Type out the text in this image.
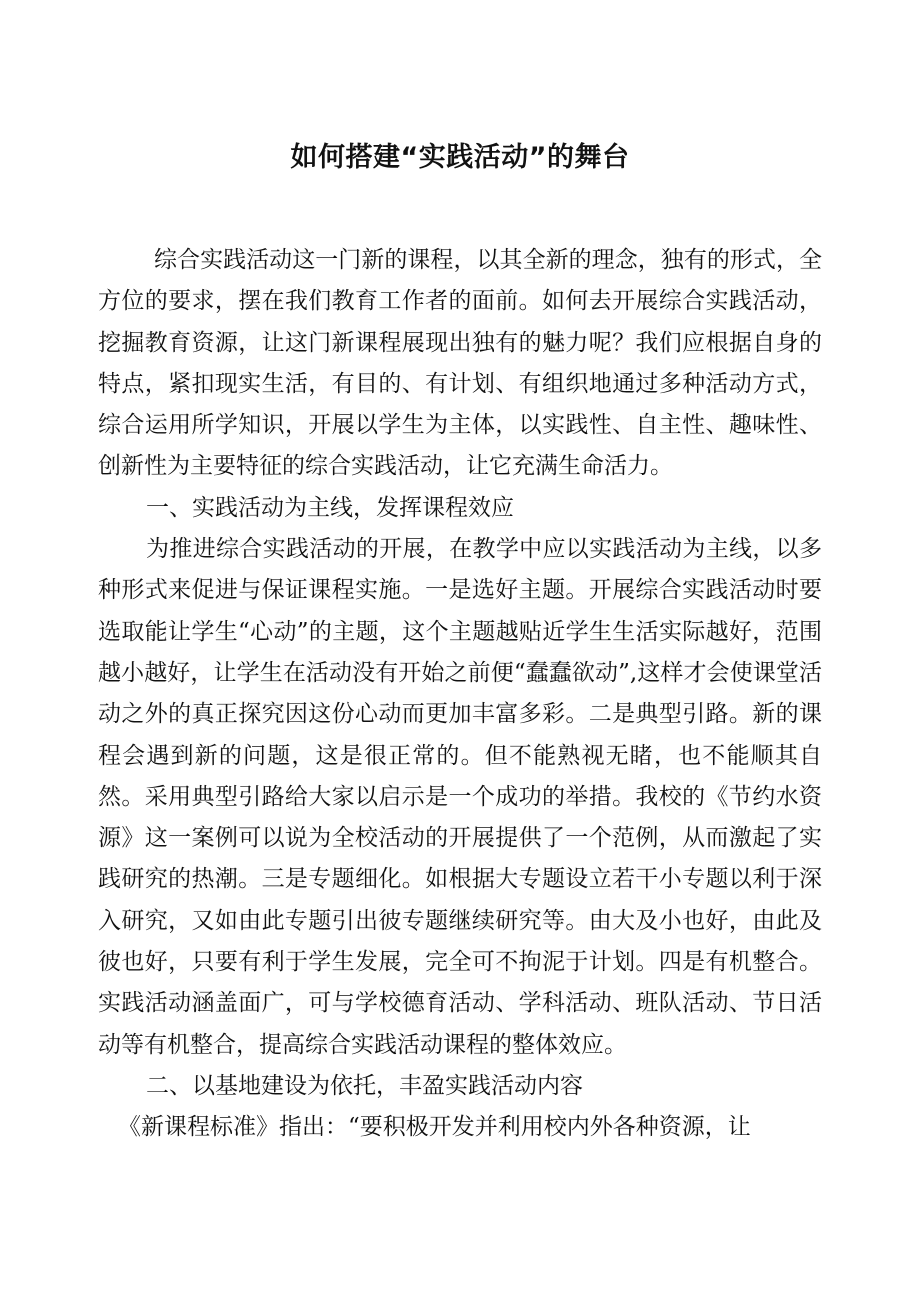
如何搭建“实践活动”的舞台

综合实践活动这一门新的课程，以其全新的理念，独有的形式，全方位的要求，摆在我们教育工作者的面前。如何去开展综合实践活动，挖掘教育资源，让这门新课程展现出独有的魅力呢？我们应根据自身的特点，紧扣现实生活，有目的、有计划、有组织地通过多种活动方式，综合运用所学知识，开展以学生为主体，以实践性、自主性、趣味性、创新性为主要特征的综合实践活动，让它充满生命活力。

一、实践活动为主线，发挥课程效应

为推进综合实践活动的开展，在教学中应以实践活动为主线，以多种形式来促进与保证课程实施。一是选好主题。开展综合实践活动时要选取能让学生“心动”的主题，这个主题越贴近学生生活实际越好，范围越小越好，让学生在活动没有开始之前便“蠢蠢欲动”,这样才会使课堂活动之外的真正探究因这份心动而更加丰富多彩。二是典型引路。新的课程会遇到新的问题，这是很正常的。但不能熟视无睹，也不能顺其自然。采用典型引路给大家以启示是一个成功的举措。我校的《节约水资源》这一案例可以说为全校活动的开展提供了一个范例，从而激起了实践研究的热潮。三是专题细化。如根据大专题设立若干小专题以利于深入研究，又如由此专题引出彼专题继续研究等。由大及小也好，由此及彼也好，只要有利于学生发展，完全可不拘泥于计划。四是有机整合。实践活动涵盖面广，可与学校德育活动、学科活动、班队活动、节日活动等有机整合，提高综合实践活动课程的整体效应。

二、以基地建设为依托，丰盈实践活动内容

《新课程标准》指出：“要积极开发并利用校内外各种资源，让
